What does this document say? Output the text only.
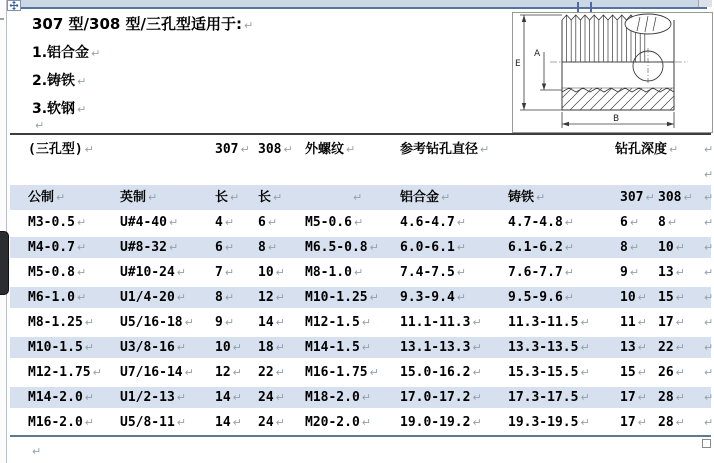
307 型/308 型/三孔型适用于: ↵
1.铝合金 ↵
2.铸铁 ↵
3.软钢 ↵
↵
E
A
B
(三孔型) ↵	307 ↵ 308 ↵ 外螺纹 ↵	参考钻孔直径 ↵	钻孔深度 ↵	↵
↵
公制 ↵	英制 ↵	长 ↵	长 ↵	↵	铝合金 ↵	铸铁 ↵	307 ↵ 308 ↵	↵
M3-0.5 ↵	U#4-40 ↵	4 ↵	6 ↵	M5-0.6 ↵	4.6-4.7 ↵	4.7-4.8 ↵	6 ↵	8 ↵	↵
M4-0.7 ↵	U#8-32 ↵	6 ↵	8 ↵	M6.5-0.8 ↵	6.0-6.1 ↵	6.1-6.2 ↵	8 ↵	10 ↵	↵
M5-0.8 ↵	U#10-24 ↵	7 ↵	10 ↵	M8-1.0 ↵	7.4-7.5 ↵	7.6-7.7 ↵	9 ↵	13 ↵	↵
M6-1.0 ↵	U1/4-20 ↵	8 ↵	12 ↵	M10-1.25 ↵	9.3-9.4 ↵	9.5-9.6 ↵	10 ↵ 15 ↵	↵
M8-1.25 ↵	U5/16-18 ↵	9 ↵	14 ↵	M12-1.5 ↵	11.1-11.3 ↵	11.3-11.5 ↵	11 ↵ 17 ↵	↵
M10-1.5 ↵	U3/8-16 ↵	10 ↵	18 ↵	M14-1.5 ↵	13.1-13.3 ↵	13.3-13.5 ↵	13 ↵ 22 ↵	↵
M12-1.75 ↵	U7/16-14 ↵	12 ↵	22 ↵	M16-1.75 ↵	15.0-16.2 ↵	15.3-15.5 ↵	15 ↵ 26 ↵	↵
M14-2.0 ↵	U1/2-13 ↵	14 ↵	24 ↵	M18-2.0 ↵	17.0-17.2 ↵	17.3-17.5 ↵	17 ↵ 28 ↵	↵
M16-2.0 ↵	U5/8-11 ↵	14 ↵	24 ↵	M20-2.0 ↵	19.0-19.2 ↵	19.3-19.5 ↵	17 ↵ 28 ↵	↵
↵
